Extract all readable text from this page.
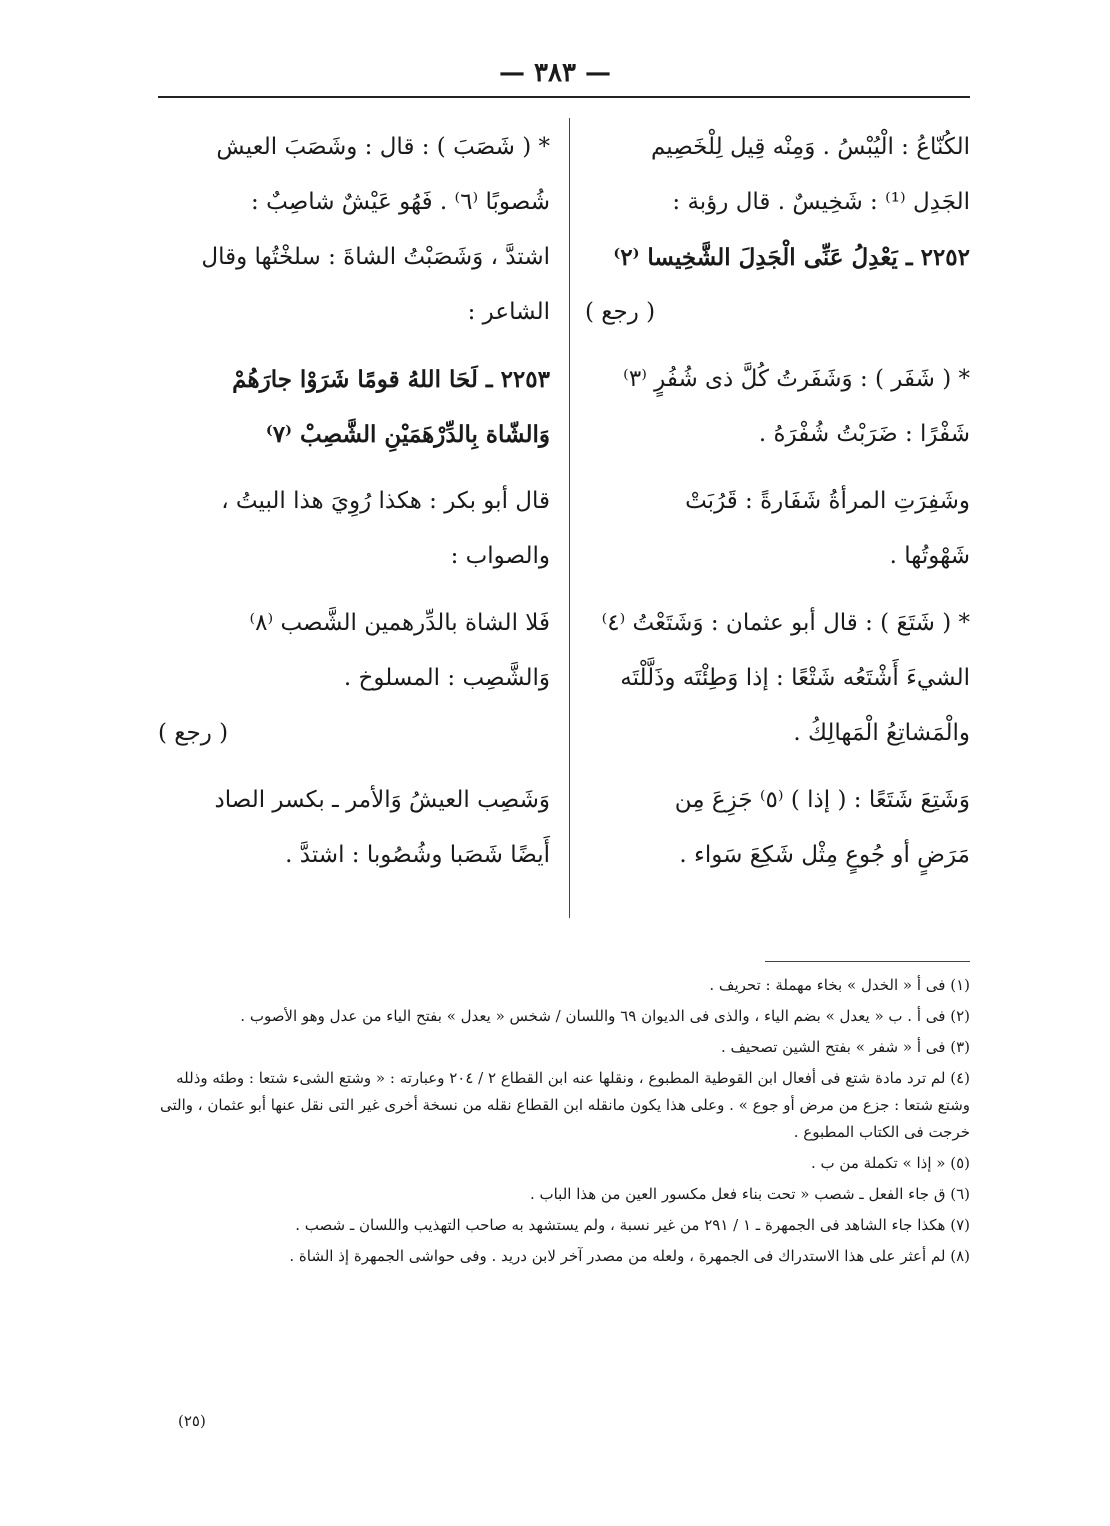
— ٣٨٣ —

الكُنّاعُ : الْيُبْسُ . وَمِنْه قِيل لِلْخَصِيم

الجَدِل ⁽¹⁾ : شَخِيسٌ . قال رؤبة :

٢٢٥٢ ـ يَعْدِلُ عَنِّى الْجَدِلَ الشَّخِيسا ⁽٢⁾

( رجع )

* ( شَفَر ) : وَشَفَرتُ كُلَّ ذى شُفُرٍ ⁽٣⁾

شَفْرًا : ضَرَبْتُ شُفْرَهُ .

وشَفِرَتِ المرأةُ شَفَارةً : قَرُبَتْ

شَهْوتُها .

* ( شَتَعَ ) : قال أبو عثمان : وَشَتَعْتُ ⁽٤⁾

الشيءَ أَشْتَعُه شَتْعًا : إذا وَطِئْتَه وذَلَّلْتَه

والْمَشاتِعُ الْمَهالِكُ .

وَشَتِعَ شَتَعًا : ( إذا ) ⁽٥⁾ جَزِعَ مِن

مَرَضٍ أو جُوعٍ مِثْل شَكِعَ سَواء .

* ( شَصَبَ ) : قال : وشَصَبَ العيش

شُصوبًا ⁽٦⁾ . فَهُو عَيْشٌ شاصِبٌ :

اشتدَّ ، وَشَصَبْتُ الشاةَ : سلخْتُها وقال

الشاعر :

٢٢٥٣ ـ لَحَا اللهُ قومًا شَرَوْا جارَهُمْ

وَالشّاة بِالدِّرْهَمَيْنِ الشَّصِبْ ⁽٧⁾

قال أبو بكر : هكذا رُوِيَ هذا البيتُ ،

والصواب :

فَلا الشاة بالدِّرهمين الشَّصب ⁽٨⁾

وَالشَّصِب : المسلوخ .

( رجع )

وَشَصِب العيشُ وَالأمر ـ بكسر الصاد

أَيضًا شَصَبا وشُصُوبا : اشتدَّ .

(١) فى أ « الخدل » بخاء مهملة : تحريف .

(٢) فى أ . ب « يعدل » بضم الياء ، والذى فى الديوان ٦٩ واللسان / شخس « يعدل » بفتح الياء من عدل وهو الأصوب .

(٣) فى أ « شفر » بفتح الشين تصحيف .

(٤) لم ترد مادة شتع فى أفعال ابن القوطية المطبوع ، ونقلها عنه ابن القطاع ٢ / ٢٠٤ وعبارته : « وشتع الشىء شتعا : وطئه وذلله وشتع شتعا : جزع من مرض أو جوع » . وعلى هذا يكون مانقله ابن القطاع نقله من نسخة أخرى غير التى نقل عنها أبو عثمان ، والتى خرجت فى الكتاب المطبوع .

(٥) « إذا » تكملة من ب .

(٦) ق جاء الفعل ـ شصب « تحت بناء فعل مكسور العين من هذا الباب .

(٧) هكذا جاء الشاهد فى الجمهرة ـ ١ / ٢٩١ من غير نسبة ، ولم يستشهد به صاحب التهذيب واللسان ـ شصب .

(٨) لم أعثر على هذا الاستدراك فى الجمهرة ، ولعله من مصدر آخر لابن دريد . وفى حواشى الجمهرة إذ الشاة .

(٢٥)
